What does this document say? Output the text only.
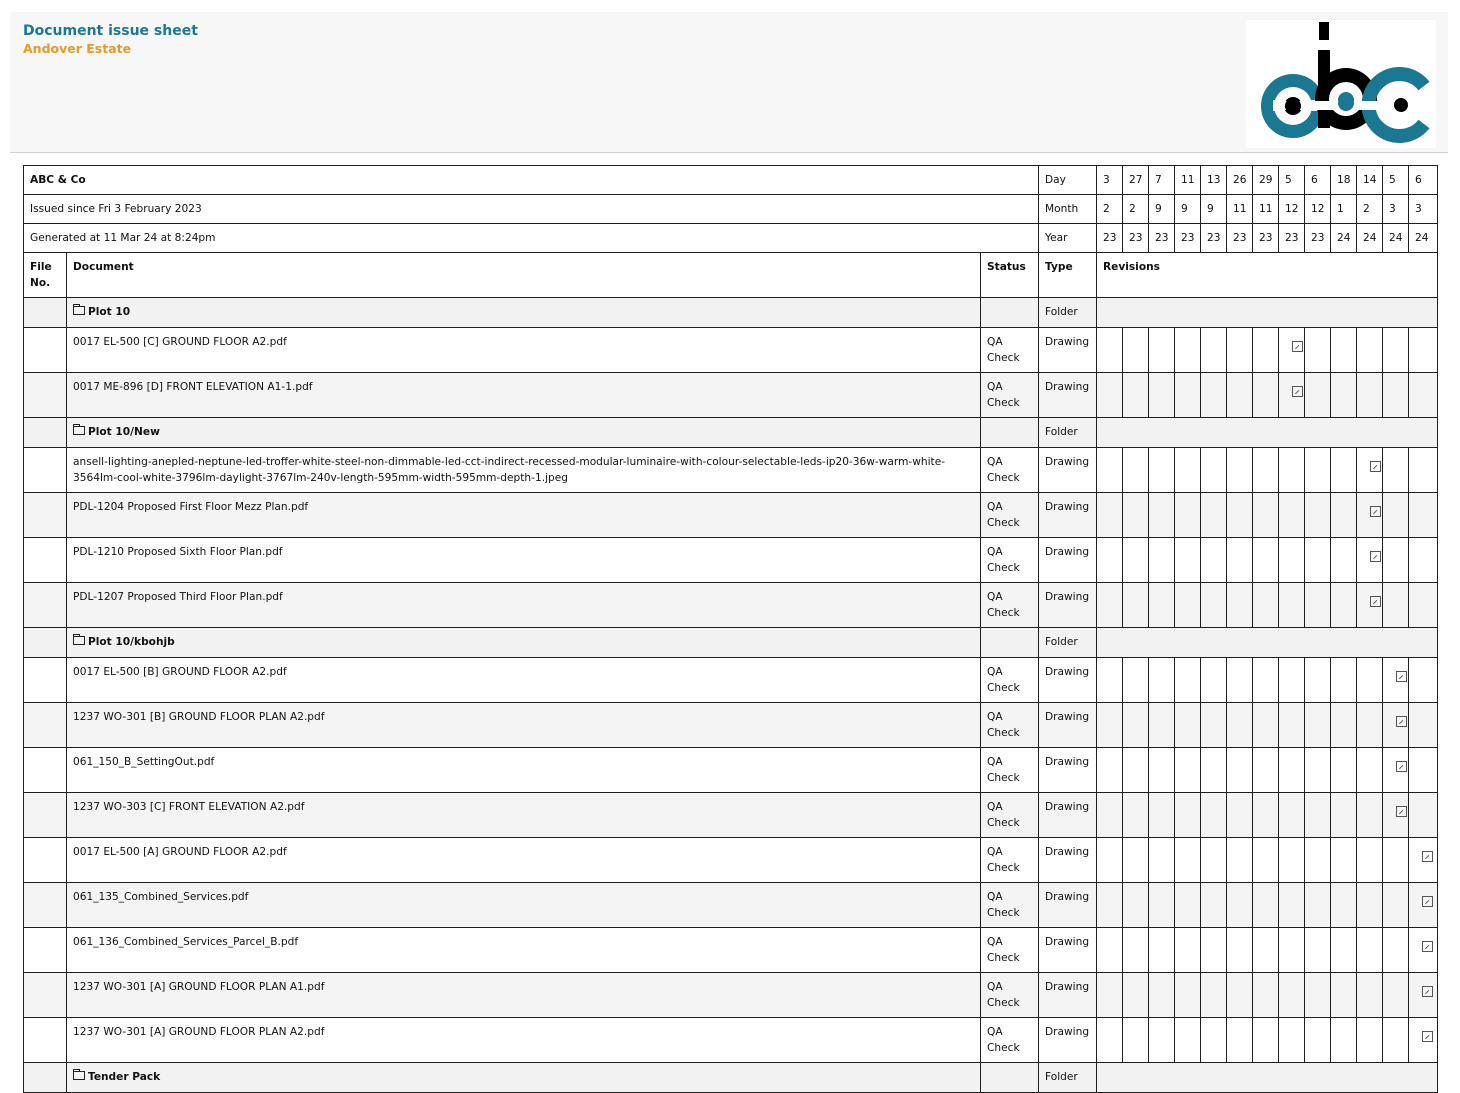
Document issue sheet
Andover Estate
ABC & Co			Day	3	27	7	11	13	26	29	5	6	18	14	5	6
Issued since Fri 3 February 2023			Month	2	2	9	9	9	11	11	12	12	1	2	3	3
Generated at 11 Mar 24 at 8:24pm			Year	23	23	23	23	23	23	23	23	23	24	24	24	24
File No.	Document	Status	Type	Revisions												
	Plot 10		Folder													
	0017 EL-500 [C] GROUND FLOOR A2.pdf	QA Check	Drawing													
	0017 ME-896 [D] FRONT ELEVATION A1-1.pdf	QA Check	Drawing													
	Plot 10/New		Folder													
	ansell-lighting-anepled-neptune-led-troffer-white-steel-non-dimmable-led-cct-indirect-recessed-modular-luminaire-with-colour-selectable-leds-ip20-36w-warm-white-3564lm-cool-white-3796lm-daylight-3767lm-240v-length-595mm-width-595mm-depth-1.jpeg	QA Check	Drawing													
	PDL-1204 Proposed First Floor Mezz Plan.pdf	QA Check	Drawing													
	PDL-1210 Proposed Sixth Floor Plan.pdf	QA Check	Drawing													
	PDL-1207 Proposed Third Floor Plan.pdf	QA Check	Drawing													
	Plot 10/kbohjb		Folder													
	0017 EL-500 [B] GROUND FLOOR A2.pdf	QA Check	Drawing													
	1237 WO-301 [B] GROUND FLOOR PLAN A2.pdf	QA Check	Drawing													
	061_150_B_SettingOut.pdf	QA Check	Drawing													
	1237 WO-303 [C] FRONT ELEVATION A2.pdf	QA Check	Drawing													
	0017 EL-500 [A] GROUND FLOOR A2.pdf	QA Check	Drawing													
	061_135_Combined_Services.pdf	QA Check	Drawing													
	061_136_Combined_Services_Parcel_B.pdf	QA Check	Drawing													
	1237 WO-301 [A] GROUND FLOOR PLAN A1.pdf	QA Check	Drawing													
	1237 WO-301 [A] GROUND FLOOR PLAN A2.pdf	QA Check	Drawing													
	Tender Pack		Folder													
